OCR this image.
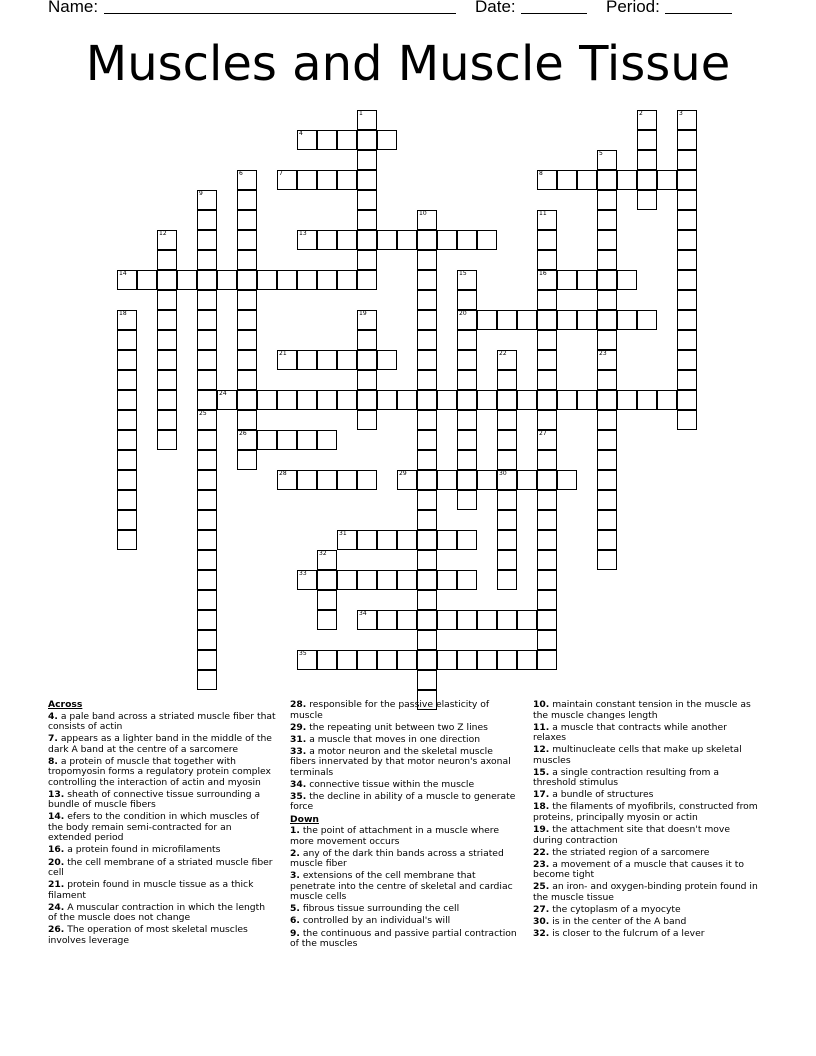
Name:	Date:	Period:
Muscles and Muscle Tissue
1	2	3
5
23
6
26
9
25
10	11
16
27
12
15
20
18	19
22
30
32
4
7	8
13
14
21
24
28	29
31
33
34
35
Across
4. a pale band across a striated muscle fiber that consists of actin
7. appears as a lighter band in the middle of the dark A band at the centre of a sarcomere
8. a protein of muscle that together with tropomyosin forms a regulatory protein complex controlling the interaction of actin and myosin
13. sheath of connective tissue surrounding a bundle of muscle fibers
14. efers to the condition in which muscles of the body remain semi-contracted for an extended period
16. a protein found in microfilaments
20. the cell membrane of a striated muscle fiber cell
21. protein found in muscle tissue as a thick filament
24. A muscular contraction in which the length of the muscle does not change
26. The operation of most skeletal muscles involves leverage
28. responsible for the passive elasticity of muscle
29. the repeating unit between two Z lines
31. a muscle that moves in one direction
33. a motor neuron and the skeletal muscle fibers innervated by that motor neuron's axonal terminals
34. connective tissue within the muscle
35. the decline in ability of a muscle to generate force
Down
1. the point of attachment in a muscle where more movement occurs
2. any of the dark thin bands across a striated muscle fiber
3. extensions of the cell membrane that penetrate into the centre of skeletal and cardiac muscle cells
5. fibrous tissue surrounding the cell
6. controlled by an individual's will
9. the continuous and passive partial contraction of the muscles
10. maintain constant tension in the muscle as the muscle changes length
11. a muscle that contracts while another relaxes
12. multinucleate cells that make up skeletal muscles
15. a single contraction resulting from a threshold stimulus
17. a bundle of structures
18. the filaments of myofibrils, constructed from proteins, principally myosin or actin
19. the attachment site that doesn't move during contraction
22. the striated region of a sarcomere
23. a movement of a muscle that causes it to become tight
25. an iron- and oxygen-binding protein found in the muscle tissue
27. the cytoplasm of a myocyte
30. is in the center of the A band
32. is closer to the fulcrum of a lever
